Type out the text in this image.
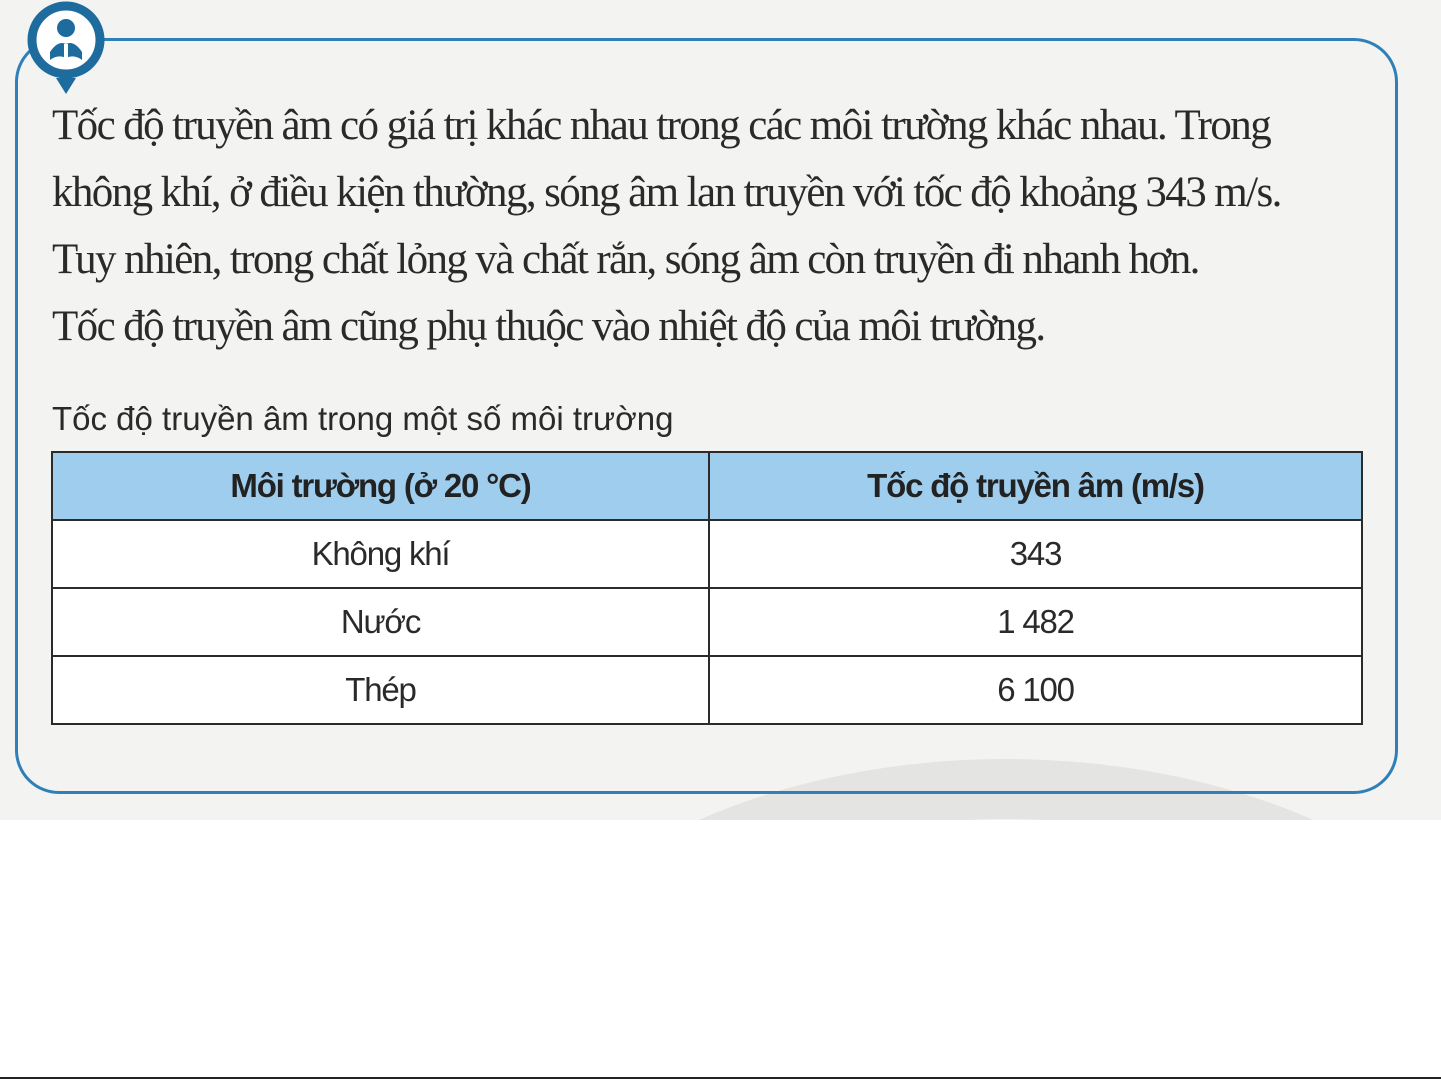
Tốc độ truyền âm có giá trị khác nhau trong các môi trường khác nhau. Trong
không khí, ở điều kiện thường, sóng âm lan truyền với tốc độ khoảng 343 m/s.
Tuy nhiên, trong chất lỏng và chất rắn, sóng âm còn truyền đi nhanh hơn.
Tốc độ truyền âm cũng phụ thuộc vào nhiệt độ của môi trường.

Tốc độ truyền âm trong một số môi trường

Môi trường (ở 20 °C)	Tốc độ truyền âm (m/s)
Không khí	343
Nước	1 482
Thép	6 100
